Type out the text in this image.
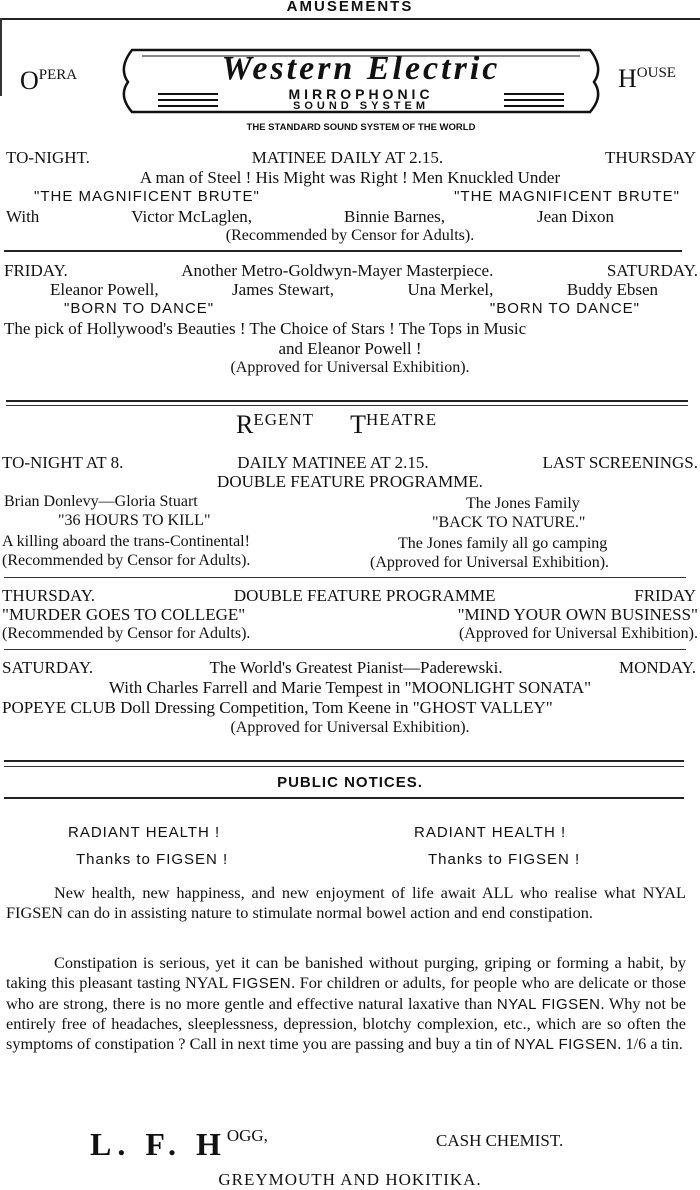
AMUSEMENTS
OPERA	HOUSE
Western Electric
MIRROPHONIC
SOUND SYSTEM
THE STANDARD SOUND SYSTEM OF THE WORLD
TO-NIGHT.	MATINEE DAILY AT 2.15.	THURSDAY
A man of Steel ! His Might was Right ! Men Knuckled Under
"THE MAGNIFICENT BRUTE"	"THE MAGNIFICENT BRUTE"
With	Victor McLaglen,	Binnie Barnes,	Jean Dixon
(Recommended by Censor for Adults).
FRIDAY.	Another Metro-Goldwyn-Mayer Masterpiece.	SATURDAY.
Eleanor Powell,	James Stewart,	Una Merkel,	Buddy Ebsen
"BORN TO DANCE"	"BORN TO DANCE"
The pick of Hollywood's Beauties ! The Choice of Stars ! The Tops in Music
and Eleanor Powell !
(Approved for Universal Exhibition).
REGENT THEATRE
TO-NIGHT AT 8.	DAILY MATINEE AT 2.15.	LAST SCREENINGS.
DOUBLE FEATURE PROGRAMME.
Brian Donlevy—Gloria Stuart	The Jones Family
"36 HOURS TO KILL"	"BACK TO NATURE."
A killing aboard the trans-Continental!	The Jones family all go camping
(Recommended by Censor for Adults).	(Approved for Universal Exhibition).
THURSDAY.	DOUBLE FEATURE PROGRAMME	FRIDAY
"MURDER GOES TO COLLEGE"	"MIND YOUR OWN BUSINESS"
(Recommended by Censor for Adults).	(Approved for Universal Exhibition).
SATURDAY.	The World's Greatest Pianist—Paderewski.	MONDAY.
With Charles Farrell and Marie Tempest in "MOONLIGHT SONATA"
POPEYE CLUB Doll Dressing Competition, Tom Keene in "GHOST VALLEY"
(Approved for Universal Exhibition).
PUBLIC NOTICES.
RADIANT HEALTH !	RADIANT HEALTH !
Thanks to FIGSEN !	Thanks to FIGSEN !
New health, new happiness, and new enjoyment of life await ALL who realise what NYAL FIGSEN can do in assisting nature to stimulate normal bowel action and end constipation.
Constipation is serious, yet it can be banished without purging, griping or forming a habit, by taking this pleasant tasting NYAL FIGSEN. For children or adults, for people who are delicate or those who are strong, there is no more gentle and effective natural laxative than NYAL FIGSEN. Why not be entirely free of headaches, sleeplessness, depression, blotchy complexion, etc., which are so often the symptoms of constipation ? Call in next time you are passing and buy a tin of NYAL FIGSEN. 1/6 a tin.
L. F. HOGG,	CASH CHEMIST.
GREYMOUTH AND HOKITIKA.
